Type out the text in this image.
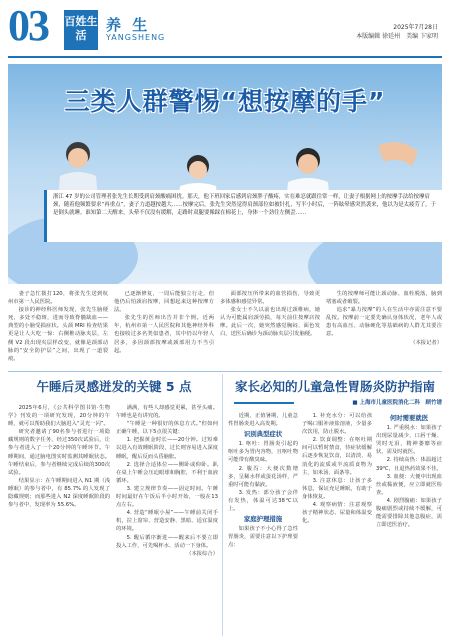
03 百姓生活
养 生
YANGSHENG
2025年7月28日
本版编辑 徐廷州　美编 卞家明
三类人群警惕“想按摩的手”
浙江 47 岁的公司管理者张先生长期受到肩颈酸痛困扰。那天，他下班回家后感到肩颈胖子酸疼，实在难忍就跟往常一样，让妻子根据网上的按摩手法给按摩肩颈，随着他频繁要求“再重点”，妻子力道越按越大……按摩完后，张先生突然觉得肩颈部位如被针扎，写半小时后，一阵眩晕感突然袭来，他以为是太疲劳了，于是倒头就睡。谁知第二天醒来，头晕不仅没有缓解，走路时双腿要像踩在棉花上，身体一个劲往左侧歪……

妻子急忙拨打120，将张先生送到杭州市第一人民医院。

接诊的神经科医师发现，张先生脑梗死，多处不稳斑，进而导致脊髓缺血——典型的小脑受损症状。头颈 MRI 检查结果更是让人大吃一惊：右侧椎动脉夹层，左侧 V2 段出现夹层样改变，就像是颈部动脉的“安全防护层”之间，出现了一道裂痕。

已逐渐修复，一周后能独立行走，但他仍后怕颈肩按摩，回想起来这种按摩方法。

张先生的医师出告并非个例。近两年，杭州市第一人民医院和其他神经外科也接收过多名类似患者，其中仍以年轻人居多，多因颈部按摩或颈部用力不当引起。

面部按压所带来的血管损伤，导致更多体感和感觉异常。

张女士不久以前也出现过颈椎病，她认为可能属肩颈劳损，每天前往按摩店按摩。此后一次，她突然感觉胸闷、面色发白，送医后确诊为颈动脉夹层引发脑梗。

生的按摩师可能让颈动脉、血栓脱落，脑到堵塞或者破裂。

追求“暴力按摩”的人在生活中亦需注意不要乱按。按摩前一定要先确认身体状况，老年人或患有高血压、动脉硬化等基础病的人群尤其要注意。

（本报记者）

午睡后灵感迸发的关键 5 点

2025年6月，《公共科学图书馆·生物学》刊发的一项研究发现，20分钟的午睡，就可以帮助我们大脑进入“灵光一闪”。

研究者邀请了90名参与者进行一项隐藏规则的数字任务，经过350次试验后，让参与者进入了一个20分钟的午睡环节。午睡期间，通过脑电图实时监测其睡眠状态。午睡结束后，参与者继续完成后续的300次试验。

结果显示：在午睡期间进入 N1 期（浅睡眠）的参与者中，有 85.7% 的人发现了隐藏规则；而那些进入 N2 深度睡眠阶段的参与者中，发现率为 55.6%。

满满，有些人却感觉更累，甚至头痛。午睡也是有讲究的。

“午睡是一种很好的休息方式。”但如何正确午睡，以下5点很关键：

1. 把握黄金时长——20分钟。过短难以进入有效睡眠阶段，过长则容易进入深度睡眠，醒后反而头昏脑胀。

2. 选择合适体位——侧卧或仰卧。趴在桌上午睡会压迫眼球和胸腔，不利于血液循环。

3. 建立规律节奏——固定时间。午睡时间最好在午饭后半小时开始，一般在13点左右。

4. 营造“睡眠小屋”——午睡前关闭手机，拉上窗帘，营造安静、黑暗、适宜温度的环境。

5. 醒后循序渐进——醒来后不要立即投入工作，可先喝杯水、活动一下身体。

（本报综合）

家长必知的儿童急性胃肠炎防护指南
■ 上海市儿童医院消化二科　顾竹谱

近期，正值暑期，儿童急性胃肠炎进入高发期。

识别典型症状

1. 呕吐：胃肠炎引起的呕吐多为胃内容物，且呕吐物可能带有酸臭味。

2. 腹泻：大便次数增多，呈稀水样或蛋花汤样，严重时可能有黏液。

3. 发热：部分孩子会伴有发热，体温可达38℃以上。

家庭护理措施

如果孩子不小心得了急性胃肠炎，需要注意以下护理要点：

1. 补充水分：可以给孩子喝口服补液盐溶液，少量多次饮用，防止脱水。

2. 饮食调整：在呕吐期间可以暂时禁食，待症状缓解后逐步恢复饮食，以清淡、易消化的流质或半流质食物为主，如米汤、面条等。

3. 注意休息：让孩子多休息，保证充足睡眠，有助于身体恢复。

4. 观察病情：注意观察孩子精神状态、尿量和体温变化。

何时需要就医

1. 严重脱水：如果孩子出现尿量减少、口唇干燥、哭时无泪、精神萎靡等症状，需及时就医。

2. 持续高热：体温超过39℃，且退热药效果不佳。

3. 血便：大便中出现血丝或黏液便，应立即就医检查。

4. 剧烈腹痛：如果孩子腹痛剧烈或持续不缓解，可能需要排除其他急腹症，需立即送医治疗。
